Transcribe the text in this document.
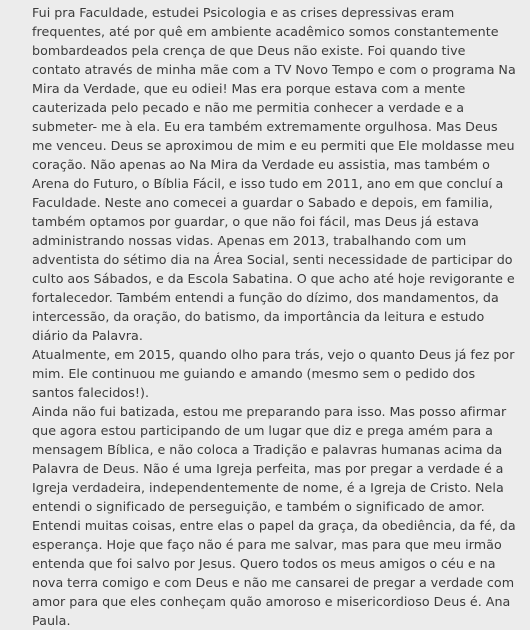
Fui pra Faculdade, estudei Psicologia e as crises depressivas eram frequentes, até por quê em ambiente acadêmico somos constantemente bombardeados pela crença de que Deus não existe. Foi quando tive contato através de minha mãe com a TV Novo Tempo e com o programa Na Mira da Verdade, que eu odiei! Mas era porque estava com a mente cauterizada pelo pecado e não me permitia conhecer a verdade e a submeter- me à ela. Eu era também extremamente orgulhosa. Mas Deus me venceu. Deus se aproximou de mim e eu permiti que Ele moldasse meu coração. Não apenas ao Na Mira da Verdade eu assistia, mas também o Arena do Futuro, o Bíblia Fácil, e isso tudo em 2011, ano em que concluí a Faculdade. Neste ano comecei a guardar o Sabado e depois, em familia, também optamos por guardar, o que não foi fácil, mas Deus já estava administrando nossas vidas. Apenas em 2013, trabalhando com um adventista do sétimo dia na Área Social, senti necessidade de participar do culto aos Sábados, e da Escola Sabatina. O que acho até hoje revigorante e fortalecedor. Também entendi a função do dízimo, dos mandamentos, da intercessão, da oração, do batismo, da importância da leitura e estudo diário da Palavra.

Atualmente, em 2015, quando olho para trás, vejo o quanto Deus já fez por mim. Ele continuou me guiando e amando (mesmo sem o pedido dos santos falecidos!).

Ainda não fui batizada, estou me preparando para isso. Mas posso afirmar que agora estou participando de um lugar que diz e prega amém para a mensagem Bíblica, e não coloca a Tradição e palavras humanas acima da Palavra de Deus. Não é uma Igreja perfeita, mas por pregar a verdade é a Igreja verdadeira, independentemente de nome, é a Igreja de Cristo. Nela entendi o significado de perseguição, e também o significado de amor. Entendi muitas coisas, entre elas o papel da graça, da obediência, da fé, da esperança. Hoje que faço não é para me salvar, mas para que meu irmão entenda que foi salvo por Jesus. Quero todos os meus amigos o céu e na nova terra comigo e com Deus e não me cansarei de pregar a verdade com amor para que eles conheçam quão amoroso e misericordioso Deus é. Ana Paula.
